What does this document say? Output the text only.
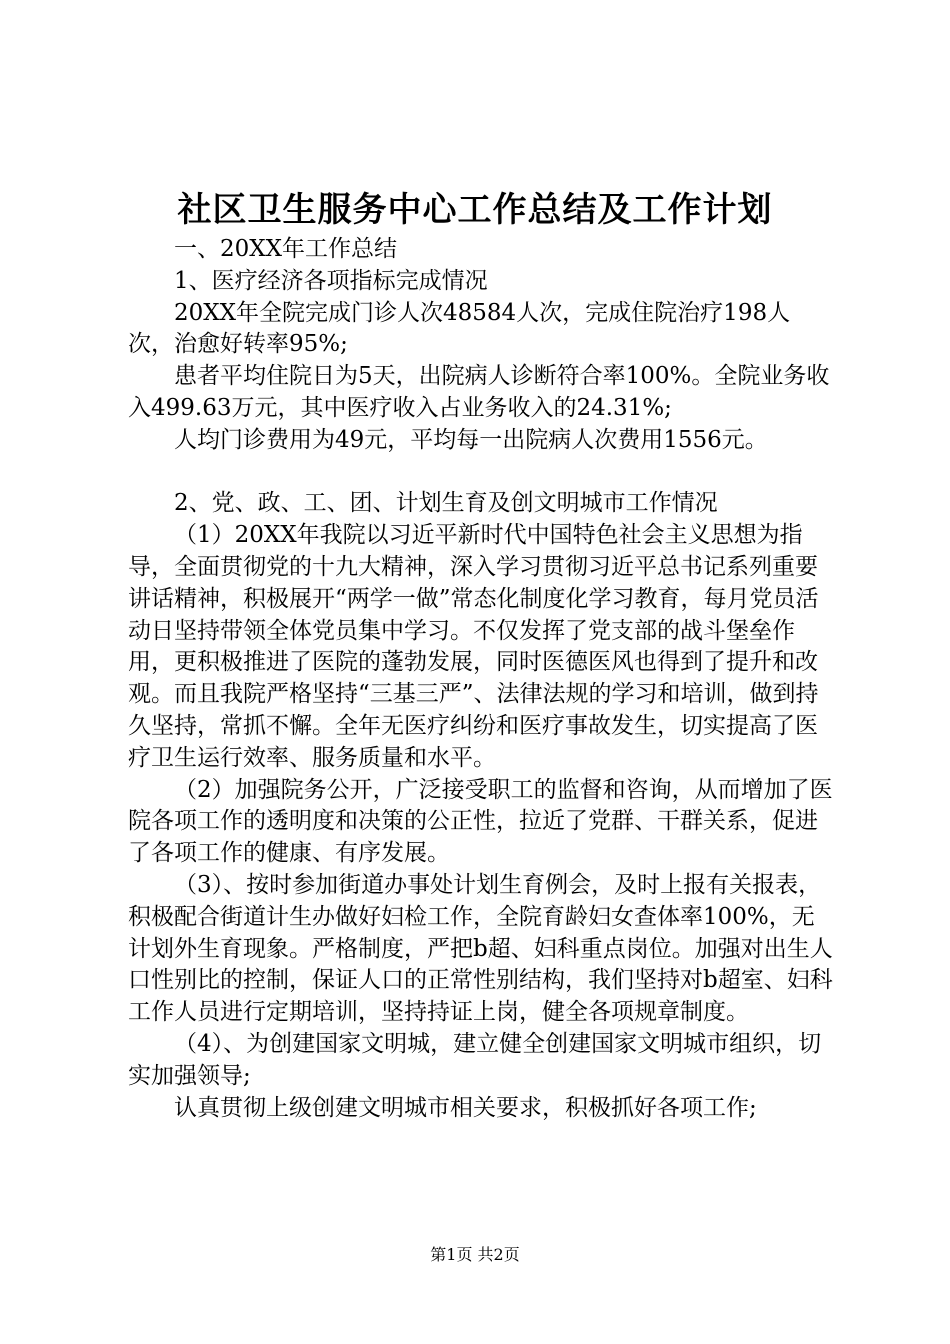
社区卫生服务中心工作总结及工作计划

一、20XX年工作总结

1、医疗经济各项指标完成情况

20XX年全院完成门诊人次48584人次，完成住院治疗198人次，治愈好转率95%;

患者平均住院日为5天，出院病人诊断符合率100%。全院业务收入499.63万元，其中医疗收入占业务收入的24.31%;

人均门诊费用为49元，平均每一出院病人次费用1556元。

2、党、政、工、团、计划生育及创文明城市工作情况

（1）20XX年我院以习近平新时代中国特色社会主义思想为指导，全面贯彻党的十九大精神，深入学习贯彻习近平总书记系列重要讲话精神，积极展开“两学一做”常态化制度化学习教育，每月党员活动日坚持带领全体党员集中学习。不仅发挥了党支部的战斗堡垒作用，更积极推进了医院的蓬勃发展，同时医德医风也得到了提升和改观。而且我院严格坚持“三基三严”、法律法规的学习和培训，做到持久坚持，常抓不懈。全年无医疗纠纷和医疗事故发生，切实提高了医疗卫生运行效率、服务质量和水平。

（2）加强院务公开，广泛接受职工的监督和咨询，从而增加了医院各项工作的透明度和决策的公正性，拉近了党群、干群关系，促进了各项工作的健康、有序发展。

（3）、按时参加街道办事处计划生育例会，及时上报有关报表，积极配合街道计生办做好妇检工作，全院育龄妇女查体率100%，无计划外生育现象。严格制度，严把b超、妇科重点岗位。加强对出生人口性别比的控制，保证人口的正常性别结构，我们坚持对b超室、妇科工作人员进行定期培训，坚持持证上岗，健全各项规章制度。

（4）、为创建国家文明城，建立健全创建国家文明城市组织，切实加强领导;

认真贯彻上级创建文明城市相关要求，积极抓好各项工作;

第1页 共2页
